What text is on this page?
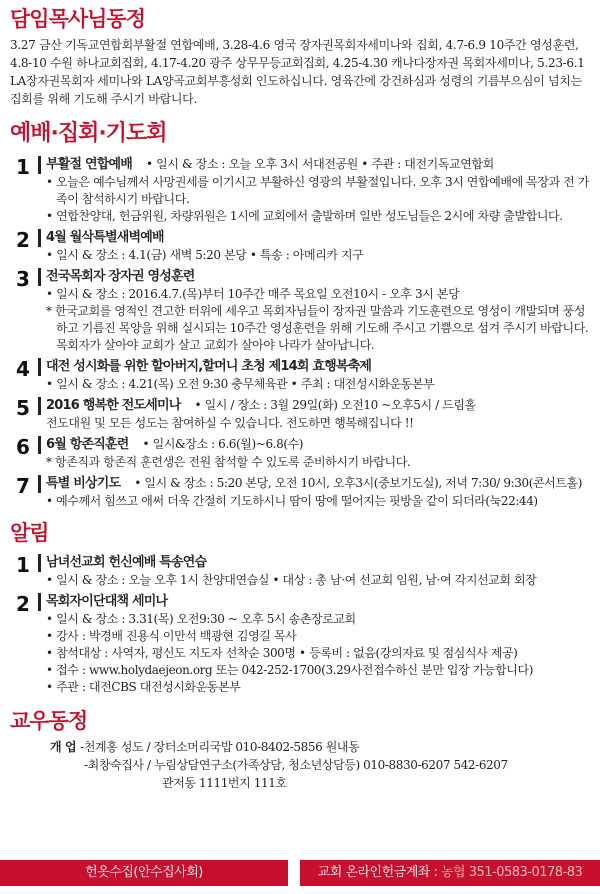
담임목사님동정
3.27 금산 기독교연합회부활절 연합예배, 3.28-4.6 영국 장자권목회자세미나와 집회, 4.7-6.9 10주간 영성훈련, 4.8-10 수원 하나교회집회, 4.17-4.20 광주 상무무등교회집회, 4.25-4.30 캐나다장자권 목회자세미나, 5.23-6.1 LA장자권목회자 세미나와 LA양곡교회부흥성회 인도하십니다. 영육간에 강건하심과 성령의 기름부으심이 넘치는 집회를 위해 기도해 주시기 바랍니다.
예배·집회·기도회
1	부활절 연합예배 • 일시 & 장소 : 오늘 오후 3시 서대전공원 • 주관 : 대전기독교연합회
• 오늘은 예수님께서 사망권세를 이기시고 부활하신 영광의 부활절입니다. 오후 3시 연합예배에 목장과 전 가족이 참석하시기 바랍니다.
• 연합찬양대, 헌금위원, 차량위원은 1시에 교회에서 출발하며 일반 성도님들은 2시에 차량 출발합니다.
2	4월 월삭특별새벽예배
• 일시 & 장소 : 4.1(금) 새벽 5:20 본당 • 특송 : 아메리카 지구
3	전국목회자 장자권 영성훈련
• 일시 & 장소 : 2016.4.7.(목)부터 10주간 매주 목요일 오전10시 - 오후 3시 본당
* 한국교회를 영적인 견고한 터위에 세우고 목회자님들이 장자권 말씀과 기도훈련으로 영성이 개발되며 풍성하고 기름진 목양을 위해 실시되는 10주간 영성훈련을 위해 기도해 주시고 기쁨으로 섬겨 주시기 바랍니다. 목회자가 살아야 교회가 살고 교회가 살아야 나라가 살아납니다.
4	대전 성시화를 위한 할아버지,할머니 초청 제14회 효행복축제
• 일시 & 장소 : 4.21(목) 오전 9:30 충무체육관 • 주최 : 대전성시화운동본부
5	2016 행복한 전도세미나 • 일시 / 장소 : 3월 29일(화) 오전10 ~오후5시 / 드림홀
전도대원 및 모든 성도는 참여하실 수 있습니다. 전도하면 행복해집니다 !!
6	6월 항존직훈련 • 일시&장소 : 6.6(월)~6.8(수)
* 항존직과 항존직 훈련생은 전원 참석할 수 있도록 준비하시기 바랍니다.
7	특별 비상기도 • 일시 & 장소 : 5:20 본당, 오전 10시, 오후3시(중보기도실), 저녁 7:30/ 9:30(콘서트홀)
• 예수께서 힘쓰고 애써 더욱 간절히 기도하시니 땀이 땅에 떨어지는 핏방울 같이 되더라(눅22:44)
알림
1	남녀선교회 헌신예배 특송연습
• 일시 & 장소 : 오늘 오후 1시 찬양대연습실 • 대상 : 총 남·여 선교회 임원, 남·여 각지선교회 회장
2	목회자이단대책 세미나
• 일시 & 장소 : 3.31(목) 오전9:30 ~ 오후 5시 송촌장로교회
• 강사 : 박경배 진용식 이만석 백광현 김영길 목사
• 참석대상 : 사역자, 평신도 지도자 선착순 300명 • 등록비 : 없음(강의자료 및 점심식사 제공)
• 접수 : www.holydaejeon.org 또는 042-252-1700(3.29사전접수하신 분만 입장 가능합니다)
• 주관 : 대전CBS 대전성시화운동본부
교우동정
개 업 -천계홍 성도 / 장터소머리국밥 010-8402-5856 원내동
-최창숙집사 / 누림상담연구소(가족상담, 청소년상담등) 010-8830-6207 542-6207
관저동 1111번지 111호
헌옷수집(안수집사회)	교회 온라인헌금계좌 : 농협 351-0583-0178-83
